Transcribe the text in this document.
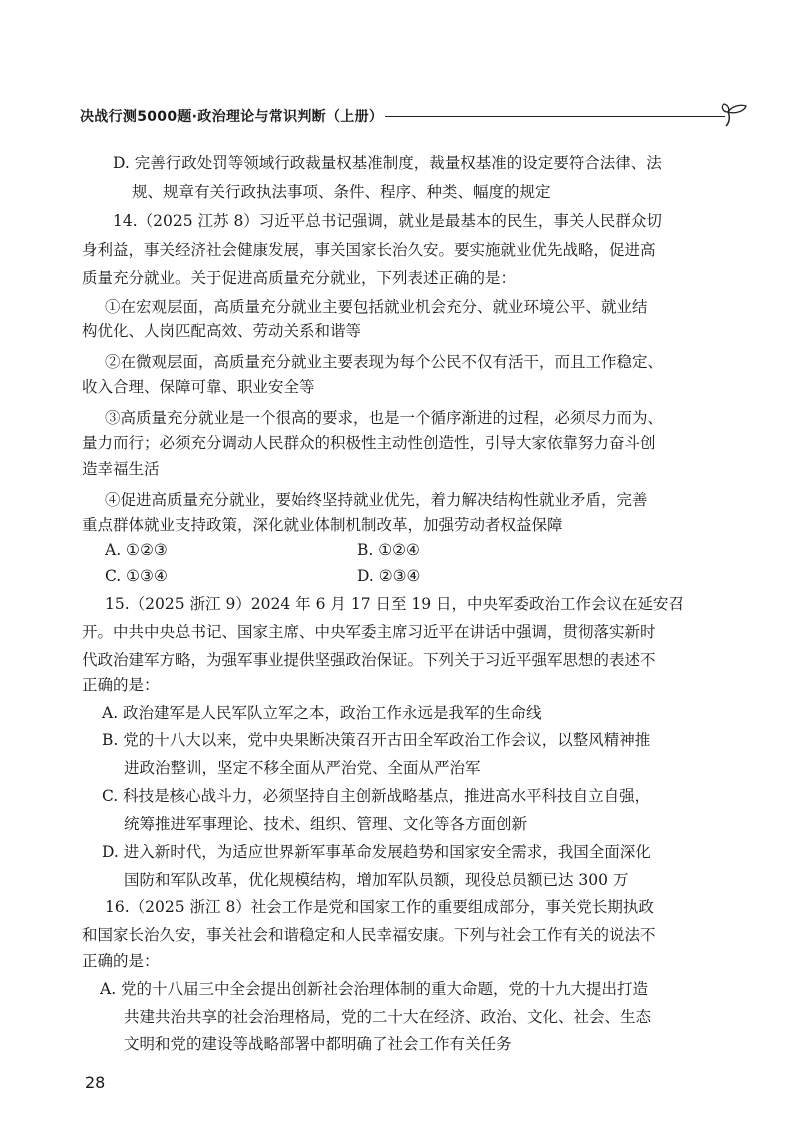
决战行测5000题·政治理论与常识判断（上册）
D. 完善行政处罚等领域行政裁量权基准制度，裁量权基准的设定要符合法律、法
规、规章有关行政执法事项、条件、程序、种类、幅度的规定
14.（2025 江苏 8）习近平总书记强调，就业是最基本的民生，事关人民群众切
身利益，事关经济社会健康发展，事关国家长治久安。要实施就业优先战略，促进高
质量充分就业。关于促进高质量充分就业，下列表述正确的是：
①在宏观层面，高质量充分就业主要包括就业机会充分、就业环境公平、就业结
构优化、人岗匹配高效、劳动关系和谐等
②在微观层面，高质量充分就业主要表现为每个公民不仅有活干，而且工作稳定、
收入合理、保障可靠、职业安全等
③高质量充分就业是一个很高的要求，也是一个循序渐进的过程，必须尽力而为、
量力而行；必须充分调动人民群众的积极性主动性创造性，引导大家依靠努力奋斗创
造幸福生活
④促进高质量充分就业，要始终坚持就业优先，着力解决结构性就业矛盾，完善
重点群体就业支持政策，深化就业体制机制改革，加强劳动者权益保障
A. ①②③	B. ①②④
C. ①③④	D. ②③④
15.（2025 浙江 9）2024 年 6 月 17 日至 19 日，中央军委政治工作会议在延安召
开。中共中央总书记、国家主席、中央军委主席习近平在讲话中强调，贯彻落实新时
代政治建军方略，为强军事业提供坚强政治保证。下列关于习近平强军思想的表述不
正确的是：
A. 政治建军是人民军队立军之本，政治工作永远是我军的生命线
B. 党的十八大以来，党中央果断决策召开古田全军政治工作会议，以整风精神推
进政治整训，坚定不移全面从严治党、全面从严治军
C. 科技是核心战斗力，必须坚持自主创新战略基点，推进高水平科技自立自强，
统筹推进军事理论、技术、组织、管理、文化等各方面创新
D. 进入新时代，为适应世界新军事革命发展趋势和国家安全需求，我国全面深化
国防和军队改革，优化规模结构，增加军队员额，现役总员额已达 300 万
16.（2025 浙江 8）社会工作是党和国家工作的重要组成部分，事关党长期执政
和国家长治久安，事关社会和谐稳定和人民幸福安康。下列与社会工作有关的说法不
正确的是：
A. 党的十八届三中全会提出创新社会治理体制的重大命题，党的十九大提出打造
共建共治共享的社会治理格局，党的二十大在经济、政治、文化、社会、生态
文明和党的建设等战略部署中都明确了社会工作有关任务
28
